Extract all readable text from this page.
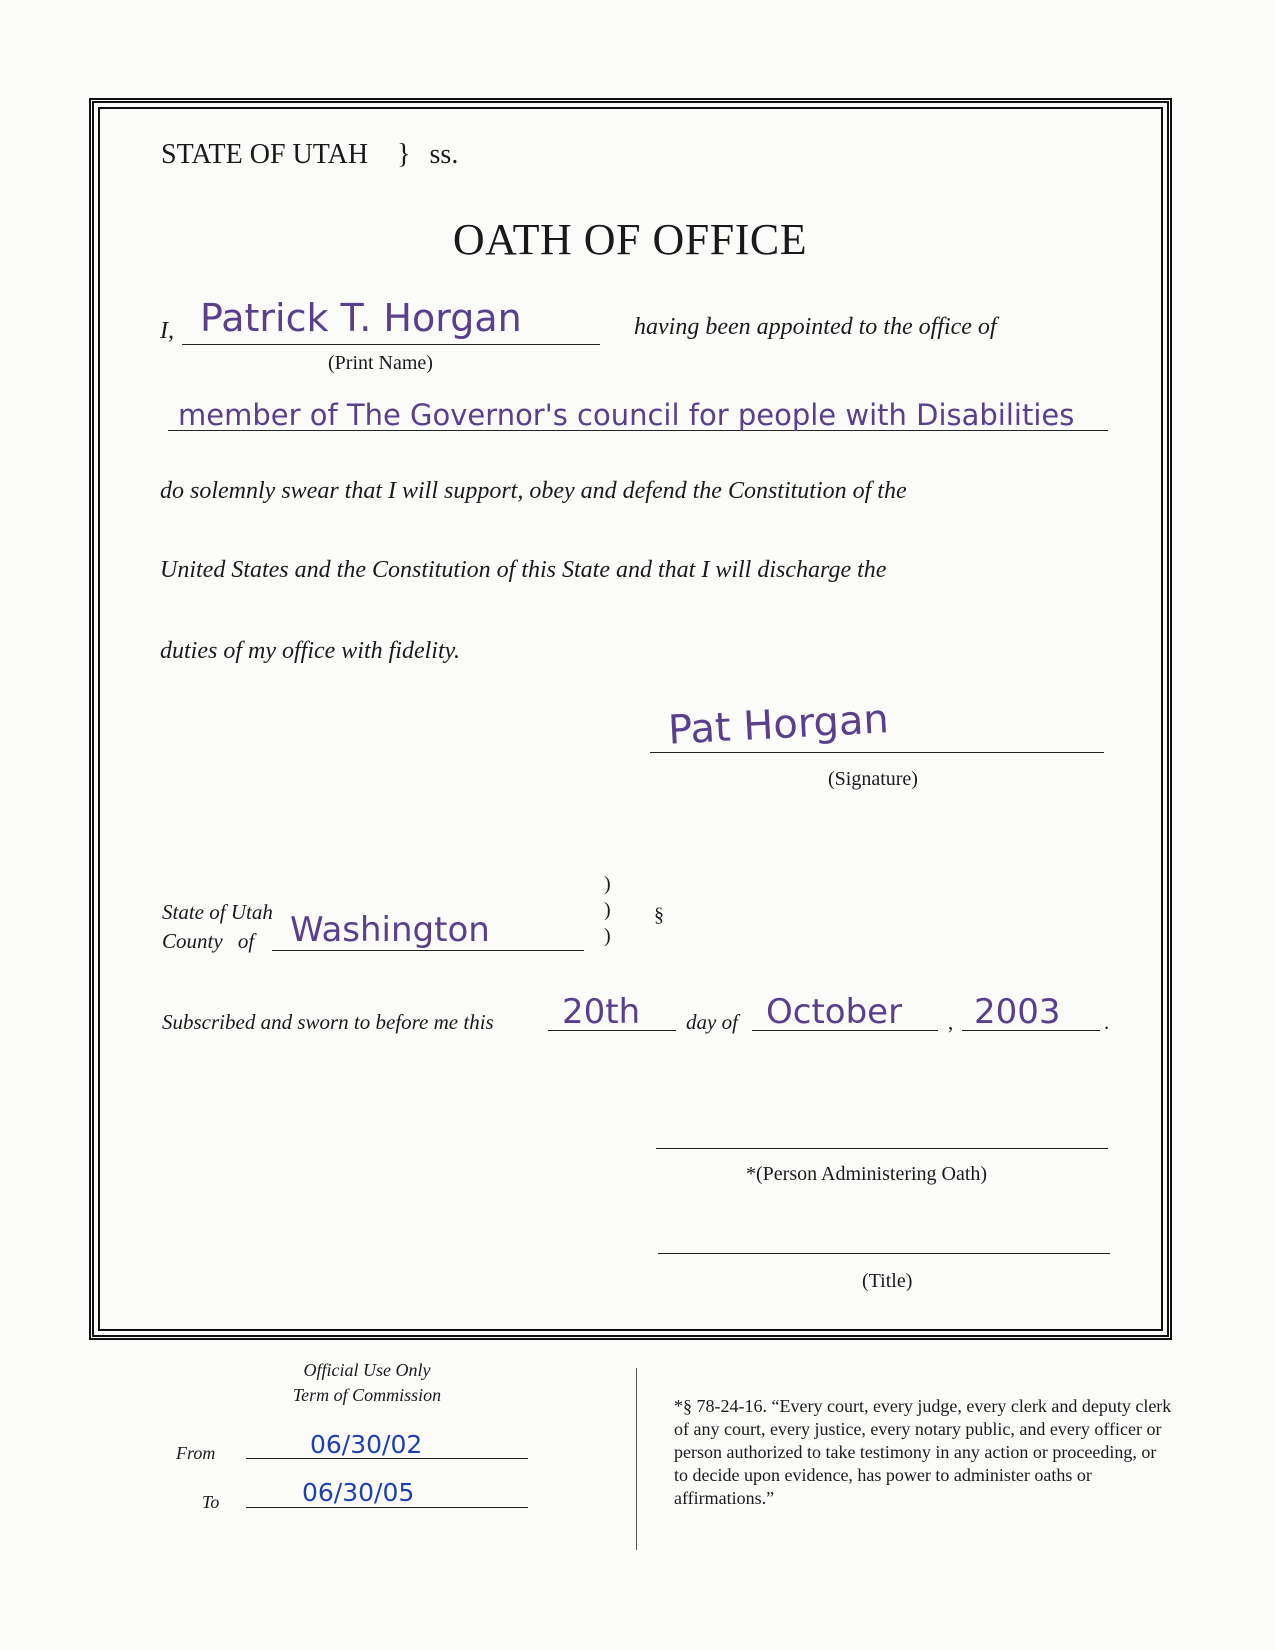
STATE OF UTAH } ss.
OATH OF OFFICE
I, Patrick T. Horgan
(Print Name)
having been appointed to the office of
member of The Governor's council for people with Disabilities
do solemnly swear that I will support, obey and defend the Constitution of the
United States and the Constitution of this State and that I will discharge the
duties of my office with fidelity.
Pat Horgan
(Signature)
State of Utah
County of Washington
)
)
)
§
Subscribed and sworn to before me this 20th day of October , 2003 .
*(Person Administering Oath)
(Title)
Official Use Only
Term of Commission
From	06/30/02
To	06/30/05
*§ 78-24-16. “Every court, every judge, every clerk and deputy clerk of any court, every justice, every notary public, and every officer or person authorized to take testimony in any action or proceeding, or to decide upon evidence, has power to administer oaths or affirmations.”
